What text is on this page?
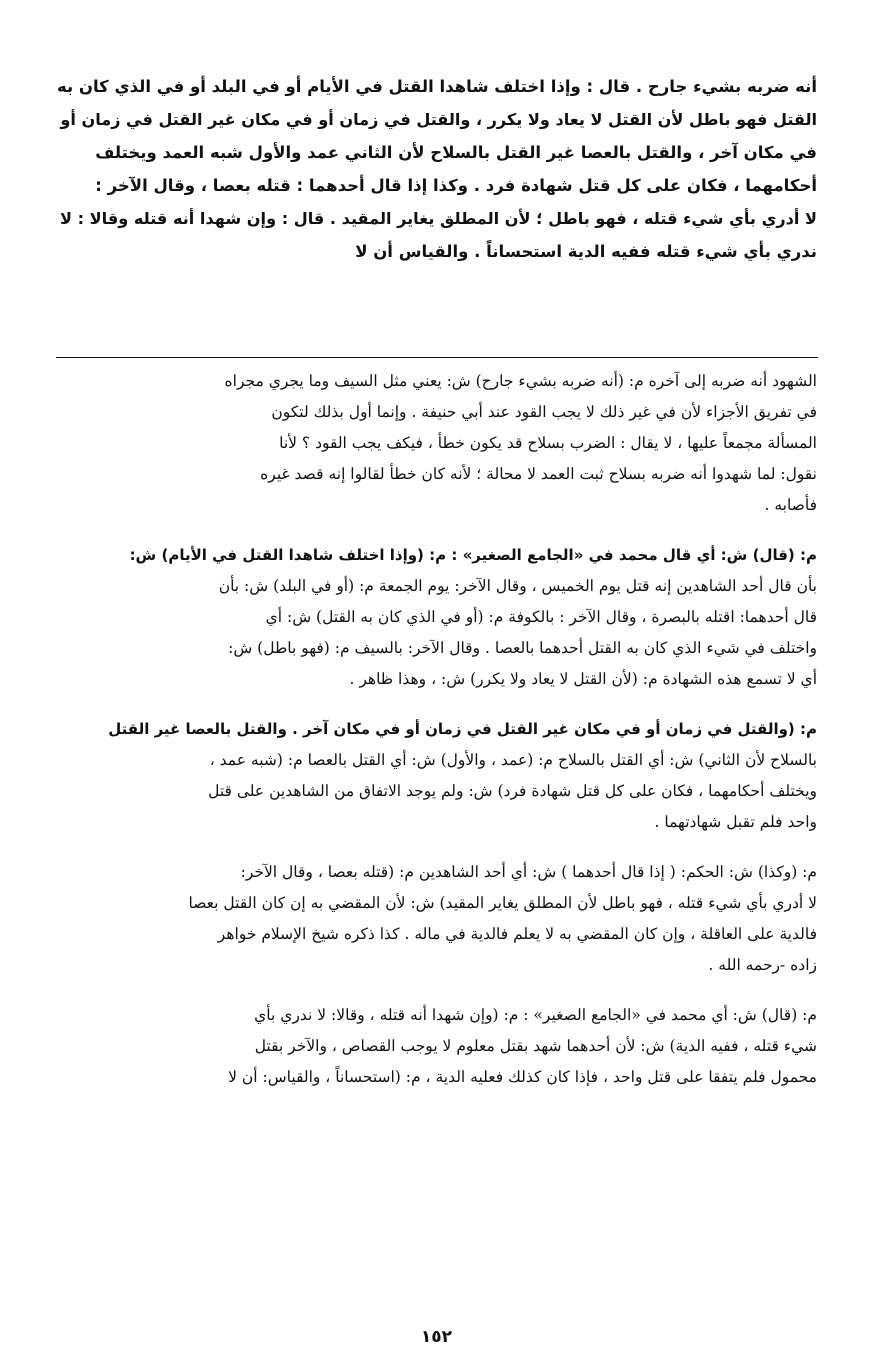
أنه ضربه بشيء جارح . قال : وإذا اختلف شاهدا القتل في الأيام أو في البلد أو في الذي كان به
القتل فهو باطل لأن القتل لا يعاد ولا يكرر ، والقتل في زمان أو في مكان غير القتل في زمان أو
في مكان آخر ، والقتل بالعصا غير القتل بالسلاح لأن الثاني عمد والأول شبه العمد ويختلف
أحكامهما ، فكان على كل قتل شهادة فرد . وكذا إذا قال أحدهما : قتله بعصا ، وقال الآخر :
لا أدري بأي شيء قتله ، فهو باطل ؛ لأن المطلق يغاير المقيد . قال : وإن شهدا أنه قتله وقالا : لا
ندري بأي شيء قتله ففيه الدية استحساناً . والقياس أن لا
الشهود أنه ضربه إلى آخره م: (أنه ضربه بشيء جارح) ش: يعني مثل السيف وما يجري مجراه
في تفريق الأجزاء لأن في غير ذلك لا يجب القود عند أبي حنيفة . وإنما أول بذلك لتكون
المسألة مجمعاً عليها ، لا يقال : الضرب بسلاح قد يكون خطأ ، فيكف يجب القود ؟ لأنا
نقول: لما شهدوا أنه ضربه بسلاح ثبت العمد لا محالة ؛ لأنه كان خطأ لقالوا إنه قصد غيره
فأصابه .
م: (قال) ش: أي قال محمد في «الجامع الصغير» : م: (وإذا اختلف شاهدا القتل في الأيام) ش:
بأن قال أحد الشاهدين إنه قتل يوم الخميس ، وقال الآخر: يوم الجمعة م: (أو في البلد) ش: بأن
قال أحدهما: اقتله بالبصرة ، وقال الآخر : بالكوفة م: (أو في الذي كان به القتل) ش: أي
واختلف في شيء الذي كان به القتل أحدهما بالعصا . وقال الآخر: بالسيف م: (فهو باطل) ش:
أي لا تسمع هذه الشهادة م: (لأن القتل لا يعاد ولا يكرر) ش: ، وهذا ظاهر .
م: (والقتل في زمان أو في مكان غير القتل في زمان أو في مكان آخر . والقتل بالعصا غير القتل
بالسلاح لأن الثاني) ش: أي القتل بالسلاح م: (عمد ، والأول) ش: أي القتل بالعصا م: (شبه عمد ،
ويختلف أحكامهما ، فكان على كل قتل شهادة فرد) ش: ولم يوجد الاتفاق من الشاهدين على قتل
واحد فلم تقبل شهادتهما .
م: (وكذا) ش: الحكم: ( إذا قال أحدهما ) ش: أي أحد الشاهدين م: (قتله بعصا ، وقال الآخر:
لا أدري بأي شيء قتله ، فهو باطل لأن المطلق يغاير المقيد) ش: لأن المقضي به إن كان القتل بعصا
فالدية على العاقلة ، وإن كان المقضي به لا يعلم فالدية في ماله . كذا ذكره شيخ الإسلام خواهر
زاده -رحمه الله .
م: (قال) ش: أي محمد في «الجامع الصغير» : م: (وإن شهدا أنه قتله ، وقالا: لا ندري بأي
شيء قتله ، ففيه الدية) ش: لأن أحدهما شهد بقتل معلوم لا يوجب القصاص ، والآخر بقتل
محمول فلم يتفقا على قتل واحد ، فإذا كان كذلك فعليه الدية ، م: (استحساناً ، والقياس: أن لا
١٥٢
